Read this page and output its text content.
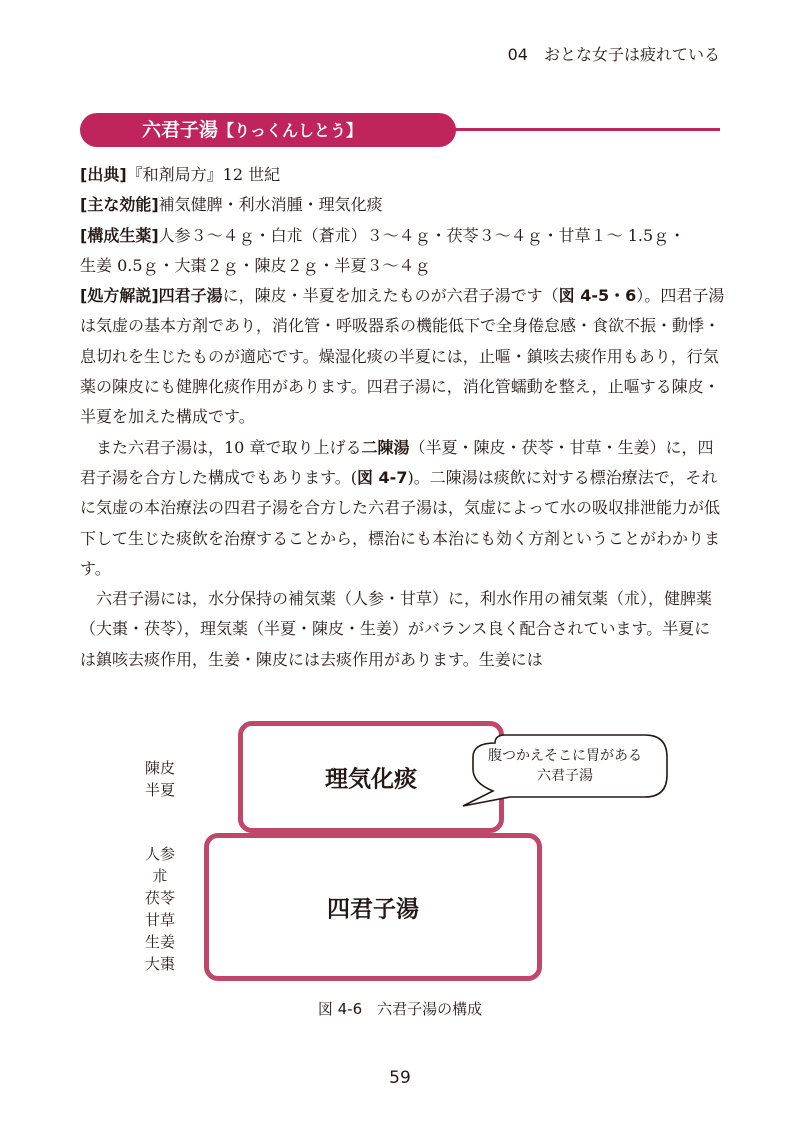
04　おとな女子は疲れている
六君子湯【りっくんしとう】

[出典]『和剤局方』12 世紀

[主な効能]補気健脾・利水消腫・理気化痰

[構成生薬]人参３～４ｇ・白朮（蒼朮）３～４ｇ・茯苓３～４ｇ・甘草１～ 1.5ｇ・
生姜 0.5ｇ・大棗２ｇ・陳皮２ｇ・半夏３～４ｇ

[処方解説]四君子湯に，陳皮・半夏を加えたものが六君子湯です（図 4-5・6）。四君子湯は気虚の基本方剤であり，消化管・呼吸器系の機能低下で全身倦怠感・食欲不振・動悸・息切れを生じたものが適応です。燥湿化痰の半夏には，止嘔・鎮咳去痰作用もあり，行気薬の陳皮にも健脾化痰作用があります。四君子湯に，消化管蠕動を整え，止嘔する陳皮・半夏を加えた構成です。

また六君子湯は，10 章で取り上げる二陳湯（半夏・陳皮・茯苓・甘草・生姜）に，四君子湯を合方した構成でもあります。(図 4-7)。二陳湯は痰飲に対する標治療法で，それに気虚の本治療法の四君子湯を合方した六君子湯は，気虚によって水の吸収排泄能力が低下して生じた痰飲を治療することから，標治にも本治にも効く方剤ということがわかります。

六君子湯には，水分保持の補気薬（人参・甘草）に，利水作用の補気薬（朮），健脾薬（大棗・茯苓），理気薬（半夏・陳皮・生姜）がバランス良く配合されています。半夏には鎮咳去痰作用，生姜・陳皮には去痰作用があります。生姜には

陳皮
半夏
人参
朮
茯苓
甘草
生姜
大棗
理気化痰
四君子湯
腹つかえそこに胃がある
六君子湯
図 4-6　六君子湯の構成
59
